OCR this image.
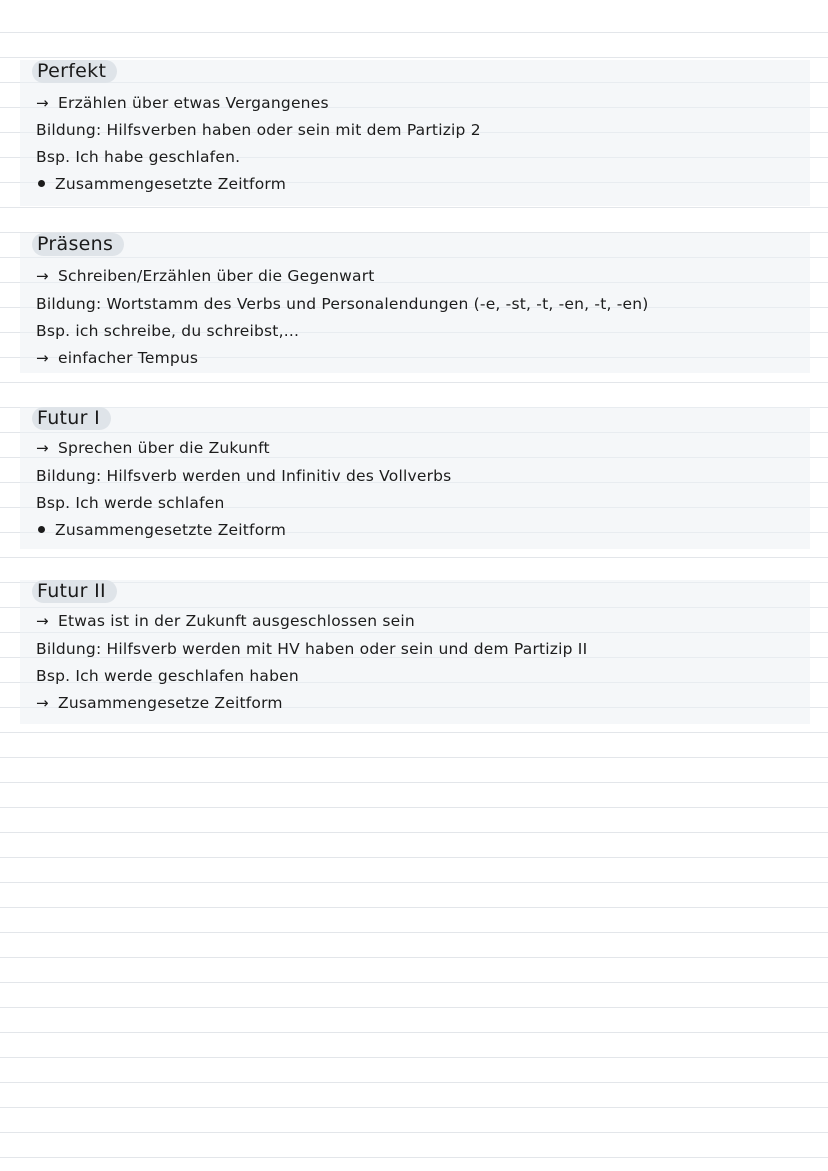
Perfekt
→ Erzählen über etwas Vergangenes
Bildung: Hilfsverben haben oder sein mit dem Partizip 2
Bsp. Ich habe geschlafen.
Zusammengesetzte Zeitform
Präsens
→ Schreiben/Erzählen über die Gegenwart
Bildung: Wortstamm des Verbs und Personalendungen (-e, -st, -t, -en, -t, -en)
Bsp. ich schreibe, du schreibst,...
→ einfacher Tempus
Futur I
→ Sprechen über die Zukunft
Bildung: Hilfsverb werden und Infinitiv des Vollverbs
Bsp. Ich werde schlafen
Zusammengesetzte Zeitform
Futur II
→ Etwas ist in der Zukunft ausgeschlossen sein
Bildung: Hilfsverb werden mit HV haben oder sein und dem Partizip II
Bsp. Ich werde geschlafen haben
→ Zusammengesetze Zeitform
